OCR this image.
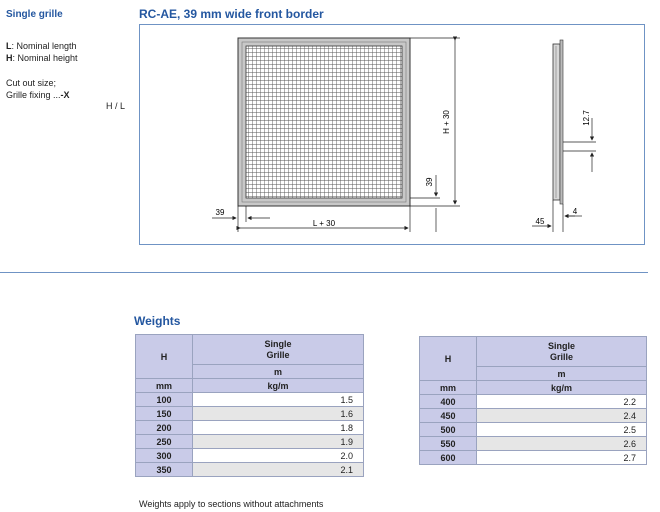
Single grille
L: Nominal length
H: Nominal height
Cut out size;
Grille fixing ...-X
H / L
RC-AE, 39 mm wide front border
H + 30
39
39
L + 30
12.7
45
4
Weights
H	Single
Grille
	m
mm	kg/m
100	1.5
150	1.6
200	1.8
250	1.9
300	2.0
350	2.1
H	Single
Grille
	m
mm	kg/m
400	2.2
450	2.4
500	2.5
550	2.6
600	2.7
Weights apply to sections without attachments
